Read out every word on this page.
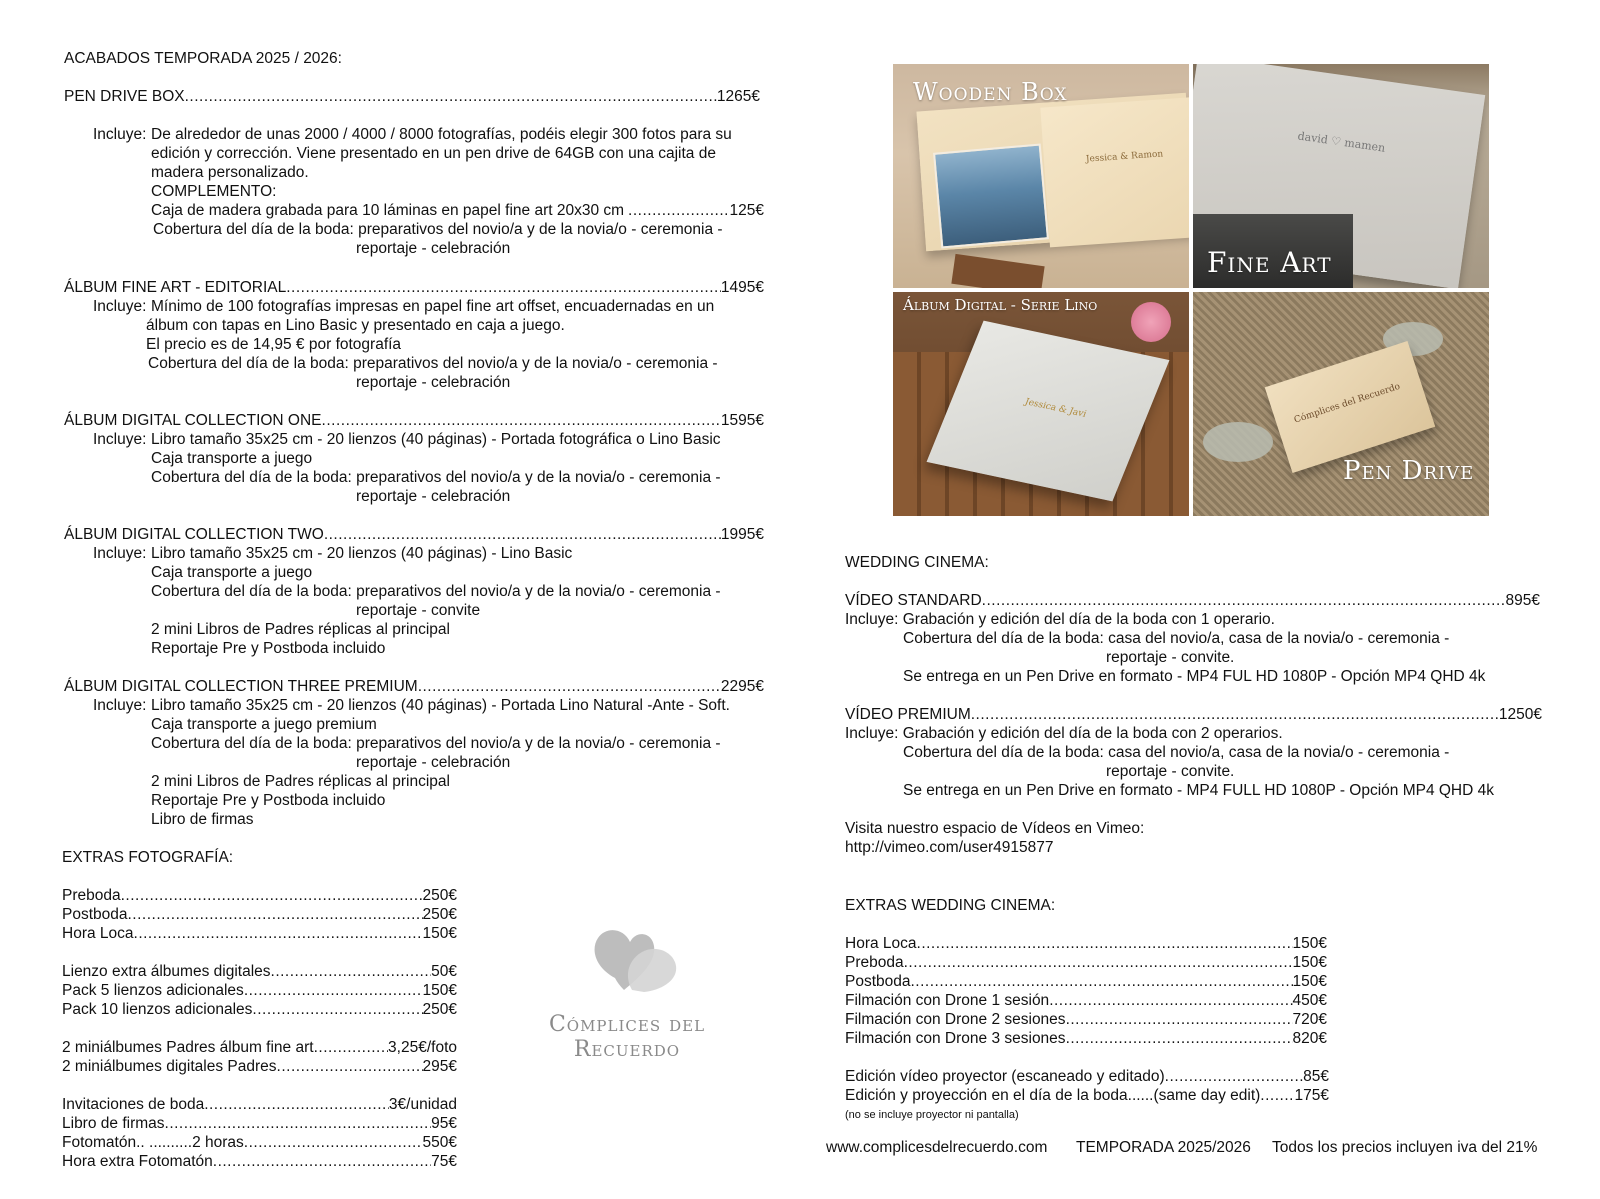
ACABADOS TEMPORADA 2025 / 2026:
PEN DRIVE BOX .....	1265€
Incluye: De alrededor de unas 2000 / 4000 / 8000 fotografías, podéis elegir 300 fotos para su
edición y corrección. Viene presentado en un pen drive de 64GB con una cajita de
madera personalizado.
COMPLEMENTO:
Caja de madera grabada para 10 láminas en papel fine art 20x30 cm .....	125€
Cobertura del día de la boda: preparativos del novio/a y de la novia/o - ceremonia -
reportaje - celebración
ÁLBUM FINE ART - EDITORIAL .....	1495€
Incluye: Mínimo de 100 fotografías impresas en papel fine art offset, encuadernadas en un
álbum con tapas en Lino Basic y presentado en caja a juego.
El precio es de 14,95 € por fotografía
Cobertura del día de la boda: preparativos del novio/a y de la novia/o - ceremonia -
reportaje - celebración
ÁLBUM DIGITAL COLLECTION ONE .....	1595€
Incluye: Libro tamaño 35x25 cm - 20 lienzos (40 páginas) - Portada fotográfica o Lino Basic
Caja transporte a juego
Cobertura del día de la boda: preparativos del novio/a y de la novia/o - ceremonia -
reportaje - celebración
ÁLBUM DIGITAL COLLECTION TWO .....	1995€
Incluye: Libro tamaño 35x25 cm - 20 lienzos (40 páginas) - Lino Basic
Caja transporte a juego
Cobertura del día de la boda: preparativos del novio/a y de la novia/o - ceremonia -
reportaje - convite
2 mini Libros de Padres réplicas al principal
Reportaje Pre y Postboda incluido
ÁLBUM DIGITAL COLLECTION THREE PREMIUM .....	2295€
Incluye: Libro tamaño 35x25 cm - 20 lienzos (40 páginas) - Portada Lino Natural -Ante - Soft.
Caja transporte a juego premium
Cobertura del día de la boda: preparativos del novio/a y de la novia/o - ceremonia -
reportaje - celebración
2 mini Libros de Padres réplicas al principal
Reportaje Pre y Postboda incluido
Libro de firmas
EXTRAS FOTOGRAFÍA:
Preboda .....	250€
Postboda .....	250€
Hora Loca .....	150€
Lienzo extra álbumes digitales .....	50€
Pack 5 lienzos adicionales .....	150€
Pack 10 lienzos adicionales .....	250€
2 miniálbumes Padres álbum fine art .....	3,25€/foto
2 miniálbumes digitales Padres .....	295€
Invitaciones de boda .....	3€/unidad
Libro de firmas .....	95€
Fotomatón.. ..........2 horas .....	550€
Hora extra Fotomatón .....	75€
Cómplices del Recuerdo
Jessica & Ramon
Wooden Box
david ♡ mamen
Fine Art
Jessica & Javi
Álbum Digital - Serie Lino
Cómplices del Recuerdo
Pen Drive
WEDDING CINEMA:
VÍDEO STANDARD .....	895€
Incluye: Grabación y edición del día de la boda con 1 operario.
Cobertura del día de la boda: casa del novio/a, casa de la novia/o - ceremonia -
reportaje - convite.
Se entrega en un Pen Drive en formato - MP4 FUL HD 1080P - Opción MP4 QHD 4k
VÍDEO PREMIUM .....	1250€
Incluye: Grabación y edición del día de la boda con 2 operarios.
Cobertura del día de la boda: casa del novio/a, casa de la novia/o - ceremonia -
reportaje - convite.
Se entrega en un Pen Drive en formato - MP4 FULL HD 1080P - Opción MP4 QHD 4k
Visita nuestro espacio de Vídeos en Vimeo:
http://vimeo.com/user4915877
EXTRAS WEDDING CINEMA:
Hora Loca .....	150€
Preboda .....	150€
Postboda .....	150€
Filmación con Drone 1 sesión .....	450€
Filmación con Drone 2 sesiones .....	720€
Filmación con Drone 3 sesiones .....	820€
Edición vídeo proyector (escaneado y editado) .....	85€
Edición y proyección en el día de la boda......(same day edit) ..... 175€
(no se incluye proyector ni pantalla)
www.complicesdelrecuerdo.com TEMPORADA 2025/2026 Todos los precios incluyen iva del 21%
